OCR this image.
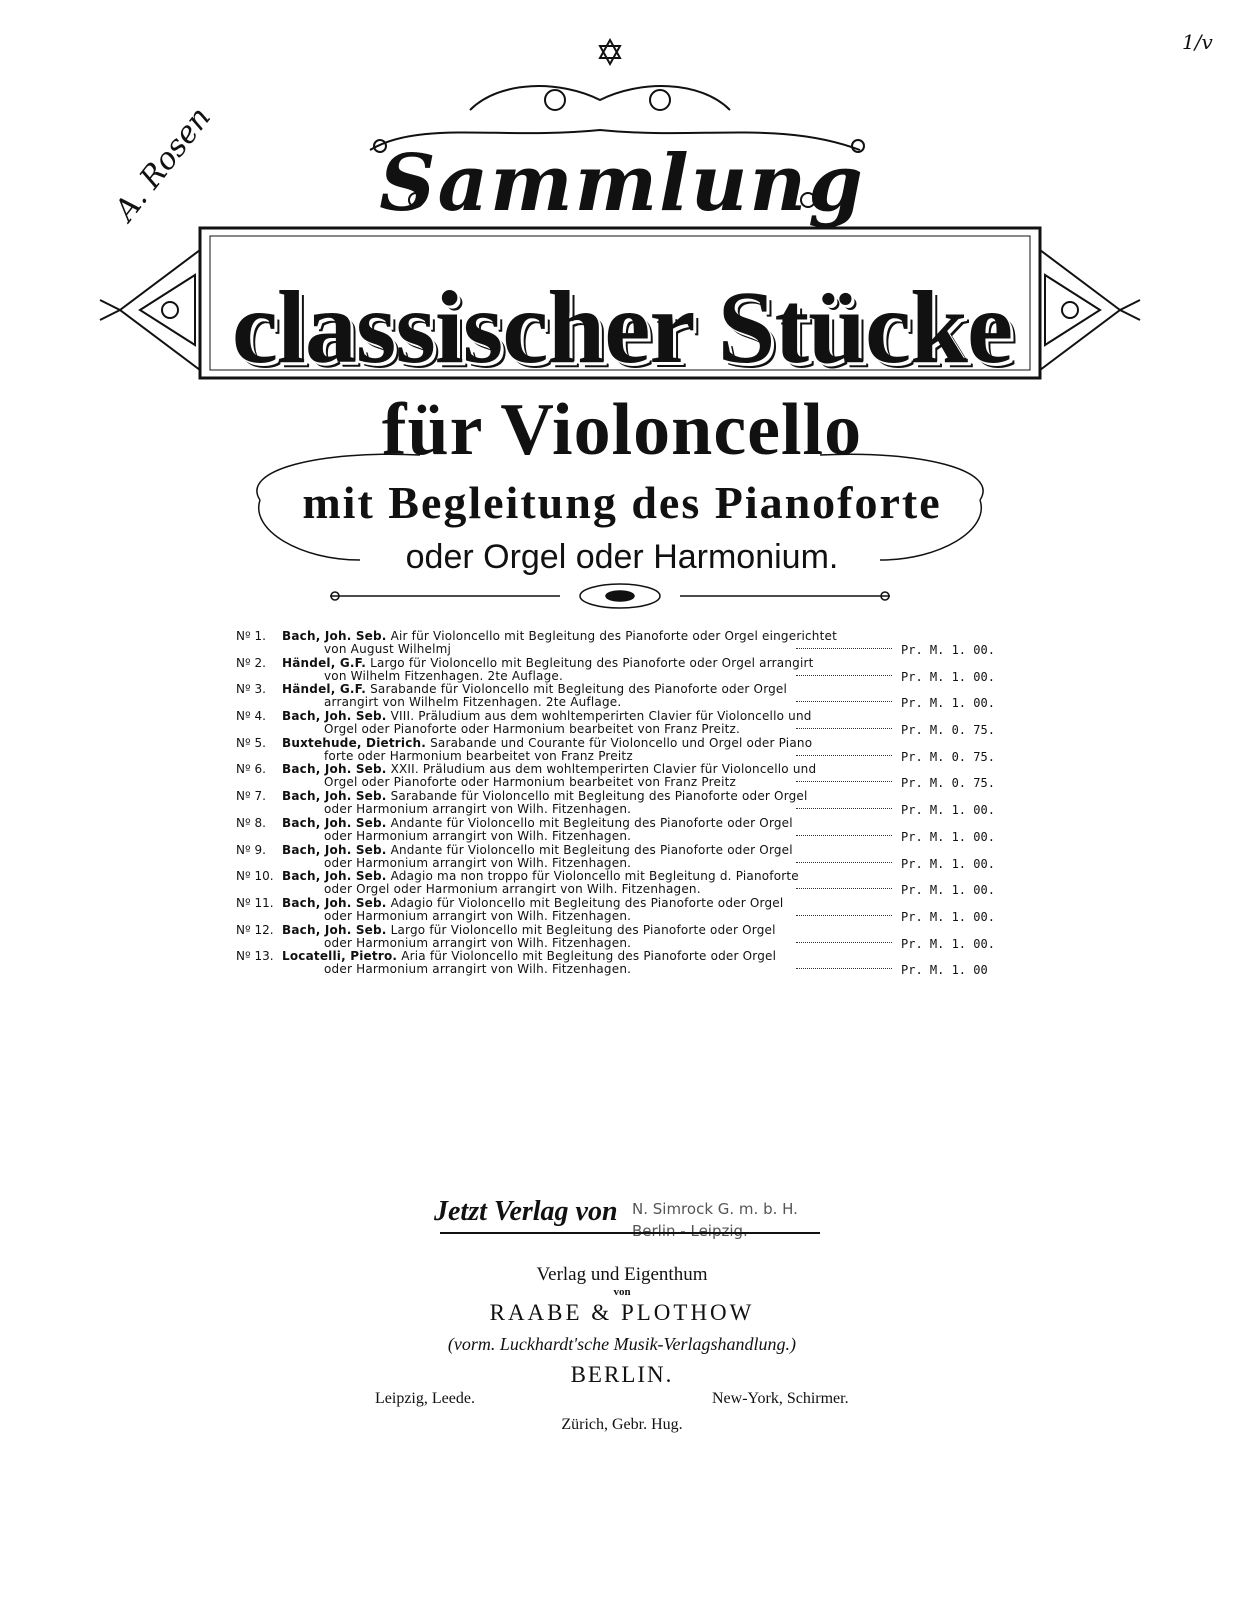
Sammlung
classischer Stücke
für Violoncello
mit Begleitung des Pianoforte
oder Orgel oder Harmonium.
A. Rosen
1/v
Nº 1.	Bach, Joh. Seb. Air für Violoncello mit Begleitung des Pianoforte oder Orgel eingerichtet
von August Wilhelmj	Pr. M. 1. 00.
Nº 2.	Händel, G.F. Largo für Violoncello mit Begleitung des Pianoforte oder Orgel arrangirt
von Wilhelm Fitzenhagen. 2te Auflage.	Pr. M. 1. 00.
Nº 3.	Händel, G.F. Sarabande für Violoncello mit Begleitung des Pianoforte oder Orgel
arrangirt von Wilhelm Fitzenhagen. 2te Auflage.	Pr. M. 1. 00.
Nº 4.	Bach, Joh. Seb. VIII. Präludium aus dem wohltemperirten Clavier für Violoncello und
Orgel oder Pianoforte oder Harmonium bearbeitet von Franz Preitz.	Pr. M. 0. 75.
Nº 5.	Buxtehude, Dietrich. Sarabande und Courante für Violoncello und Orgel oder Piano
forte oder Harmonium bearbeitet von Franz Preitz	Pr. M. 0. 75.
Nº 6.	Bach, Joh. Seb. XXII. Präludium aus dem wohltemperirten Clavier für Violoncello und
Orgel oder Pianoforte oder Harmonium bearbeitet von Franz Preitz	Pr. M. 0. 75.
Nº 7.	Bach, Joh. Seb. Sarabande für Violoncello mit Begleitung des Pianoforte oder Orgel
oder Harmonium arrangirt von Wilh. Fitzenhagen.	Pr. M. 1. 00.
Nº 8.	Bach, Joh. Seb. Andante für Violoncello mit Begleitung des Pianoforte oder Orgel
oder Harmonium arrangirt von Wilh. Fitzenhagen.	Pr. M. 1. 00.
Nº 9.	Bach, Joh. Seb. Andante für Violoncello mit Begleitung des Pianoforte oder Orgel
oder Harmonium arrangirt von Wilh. Fitzenhagen.	Pr. M. 1. 00.
Nº 10. Bach, Joh. Seb. Adagio ma non troppo für Violoncello mit Begleitung d. Pianoforte
oder Orgel oder Harmonium arrangirt von Wilh. Fitzenhagen.	Pr. M. 1. 00.
Nº 11. Bach, Joh. Seb. Adagio für Violoncello mit Begleitung des Pianoforte oder Orgel
oder Harmonium arrangirt von Wilh. Fitzenhagen.	Pr. M. 1. 00.
Nº 12. Bach, Joh. Seb. Largo für Violoncello mit Begleitung des Pianoforte oder Orgel
oder Harmonium arrangirt von Wilh. Fitzenhagen.	Pr. M. 1. 00.
Nº 13. Locatelli, Pietro. Aria für Violoncello mit Begleitung des Pianoforte oder Orgel
oder Harmonium arrangirt von Wilh. Fitzenhagen.	Pr. M. 1. 00
Jetzt Verlag von N. Simrock G. m. b. H.
Berlin - Leipzig.
Verlag und Eigenthum
von
RAABE & PLOTHOW
(vorm. Luckhardt'sche Musik-Verlagshandlung.)
BERLIN.
Leipzig, Leede.	New-York, Schirmer.
Zürich, Gebr. Hug.
